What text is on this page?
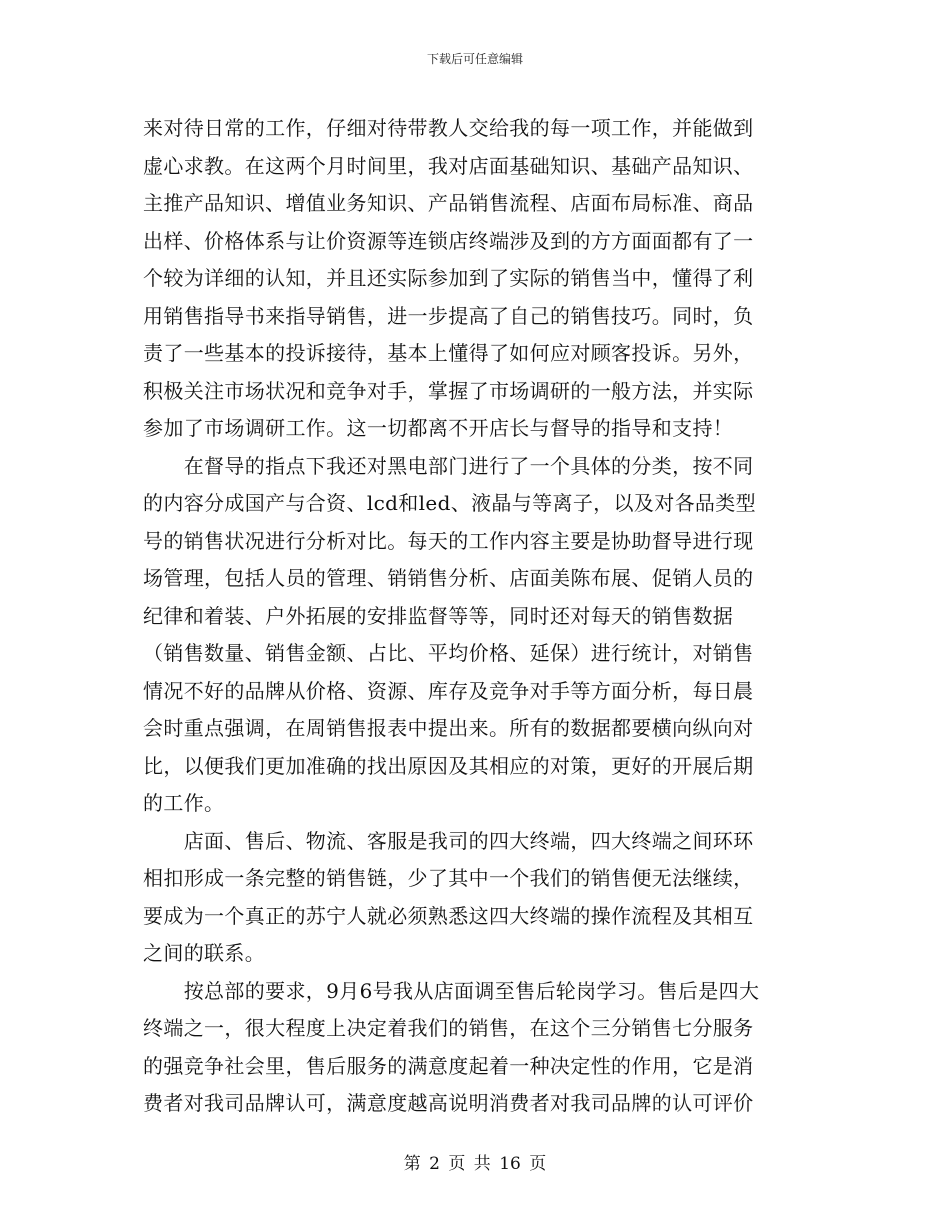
下载后可任意编辑
来对待日常的工作，仔细对待带教人交给我的每一项工作，并能做到
虚心求教。在这两个月时间里，我对店面基础知识、基础产品知识、
主推产品知识、增值业务知识、产品销售流程、店面布局标准、商品
出样、价格体系与让价资源等连锁店终端涉及到的方方面面都有了一
个较为详细的认知，并且还实际参加到了实际的销售当中，懂得了利
用销售指导书来指导销售，进一步提高了自己的销售技巧。同时，负
责了一些基本的投诉接待，基本上懂得了如何应对顾客投诉。另外，
积极关注市场状况和竞争对手，掌握了市场调研的一般方法，并实际
参加了市场调研工作。这一切都离不开店长与督导的指导和支持！
　　在督导的指点下我还对黑电部门进行了一个具体的分类，按不同
的内容分成国产与合资、lcd和led、液晶与等离子，以及对各品类型
号的销售状况进行分析对比。每天的工作内容主要是协助督导进行现
场管理，包括人员的管理、销销售分析、店面美陈布展、促销人员的
纪律和着装、户外拓展的安排监督等等，同时还对每天的销售数据
（销售数量、销售金额、占比、平均价格、延保）进行统计，对销售
情况不好的品牌从价格、资源、库存及竞争对手等方面分析，每日晨
会时重点强调，在周销售报表中提出来。所有的数据都要横向纵向对
比，以便我们更加准确的找出原因及其相应的对策，更好的开展后期
的工作。
　　店面、售后、物流、客服是我司的四大终端，四大终端之间环环
相扣形成一条完整的销售链，少了其中一个我们的销售便无法继续，
要成为一个真正的苏宁人就必须熟悉这四大终端的操作流程及其相互
之间的联系。
　　按总部的要求，9月6号我从店面调至售后轮岗学习。售后是四大
终端之一，很大程度上决定着我们的销售，在这个三分销售七分服务
的强竞争社会里，售后服务的满意度起着一种决定性的作用，它是消
费者对我司品牌认可，满意度越高说明消费者对我司品牌的认可评价
第 2 页 共 16 页
